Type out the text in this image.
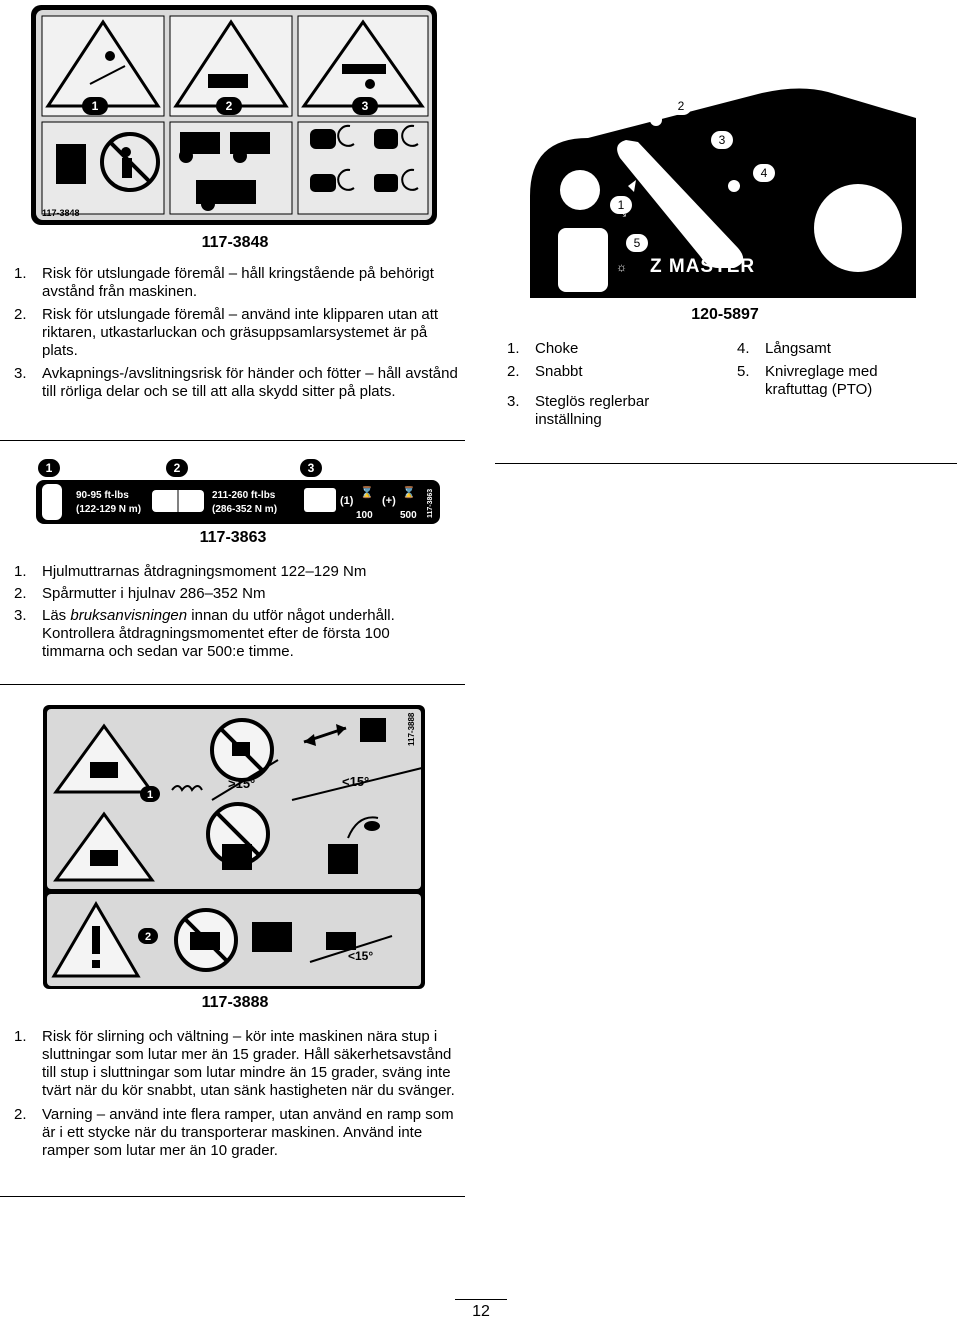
1	2	3
117-3848
117-3848
1.	Risk för utslungade föremål – håll kringstående på behörigt avstånd från maskinen.
2.	Risk för utslungade föremål – använd inte klipparen utan att riktaren, utkastarluckan och gräsuppsamlarsystemet är på plats.
3.	Avkapnings-/avslitningsrisk för händer och fötter – håll avstånd till rörliga delar och se till att alla skydd sitter på plats.
2
3
4
1
5
☼ Z MASTER
120-5897
1.	Choke
2.	Snabbt
3.	Steglös reglerbar inställning
4.	Långsamt
5.	Knivreglage med kraftuttag (PTO)
1	2	3
90-95 ft-lbs
(122-129 N m)
211-260 ft-lbs
(286-352 N m)
(1)
⌛
100
(+)
⌛
500 117-3863
117-3863
1.	Hjulmuttrarnas åtdragningsmoment 122–129 Nm
2.	Spårmutter i hjulnav 286–352 Nm
3.	Läs bruksanvisningen innan du utför något underhåll. Kontrollera åtdragningsmomentet efter de första 100 timmarna och sedan var 500:e timme.
117-3888
>15°	<15°
1
2
<15°
117-3888
1.	Risk för slirning och vältning – kör inte maskinen nära stup i sluttningar som lutar mer än 15 grader. Håll säkerhetsavstånd till stup i sluttningar som lutar mindre än 15 grader, sväng inte tvärt när du kör snabbt, utan sänk hastigheten när du svänger.
2.	Varning – använd inte flera ramper, utan använd en ramp som är i ett stycke när du transporterar maskinen. Använd inte ramper som lutar mer än 10 grader.
12
